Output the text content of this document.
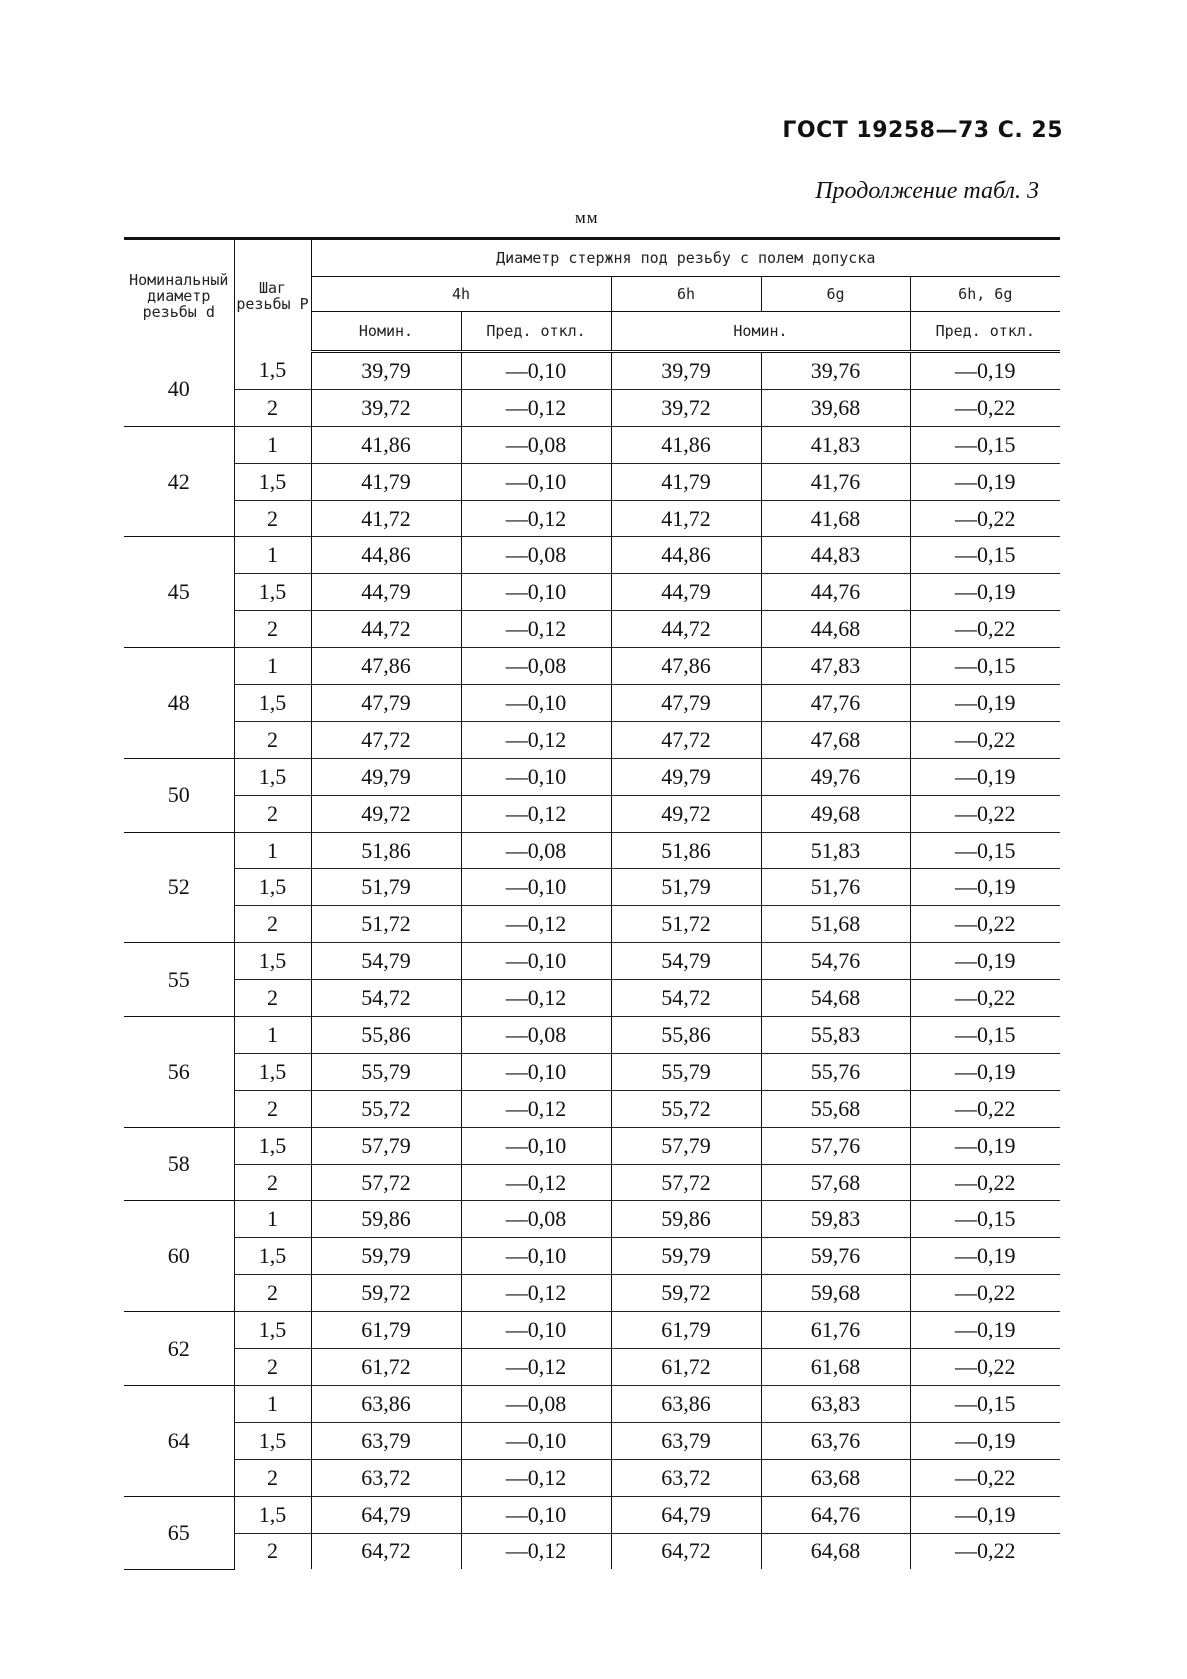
ГОСТ 19258—73 С. 25
Продолжение табл. 3
мм
Номинальный диаметр резьбы d	Шаг резьбы P	Диаметр стержня под резьбу с полем допуска				
		4h		6h	6g	6h, 6g
		Номин.	Пред. откл.	Номин.		Пред. откл.
40	1,5	39,79	—0,10	39,79	39,76	—0,19
	2	39,72	—0,12	39,72	39,68	—0,22
42	1	41,86	—0,08	41,86	41,83	—0,15
	1,5	41,79	—0,10	41,79	41,76	—0,19
	2	41,72	—0,12	41,72	41,68	—0,22
45	1	44,86	—0,08	44,86	44,83	—0,15
	1,5	44,79	—0,10	44,79	44,76	—0,19
	2	44,72	—0,12	44,72	44,68	—0,22
48	1	47,86	—0,08	47,86	47,83	—0,15
	1,5	47,79	—0,10	47,79	47,76	—0,19
	2	47,72	—0,12	47,72	47,68	—0,22
50	1,5	49,79	—0,10	49,79	49,76	—0,19
	2	49,72	—0,12	49,72	49,68	—0,22
52	1	51,86	—0,08	51,86	51,83	—0,15
	1,5	51,79	—0,10	51,79	51,76	—0,19
	2	51,72	—0,12	51,72	51,68	—0,22
55	1,5	54,79	—0,10	54,79	54,76	—0,19
	2	54,72	—0,12	54,72	54,68	—0,22
56	1	55,86	—0,08	55,86	55,83	—0,15
	1,5	55,79	—0,10	55,79	55,76	—0,19
	2	55,72	—0,12	55,72	55,68	—0,22
58	1,5	57,79	—0,10	57,79	57,76	—0,19
	2	57,72	—0,12	57,72	57,68	—0,22
60	1	59,86	—0,08	59,86	59,83	—0,15
	1,5	59,79	—0,10	59,79	59,76	—0,19
	2	59,72	—0,12	59,72	59,68	—0,22
62	1,5	61,79	—0,10	61,79	61,76	—0,19
	2	61,72	—0,12	61,72	61,68	—0,22
64	1	63,86	—0,08	63,86	63,83	—0,15
	1,5	63,79	—0,10	63,79	63,76	—0,19
	2	63,72	—0,12	63,72	63,68	—0,22
65	1,5	64,79	—0,10	64,79	64,76	—0,19
	2	64,72	—0,12	64,72	64,68	—0,22
